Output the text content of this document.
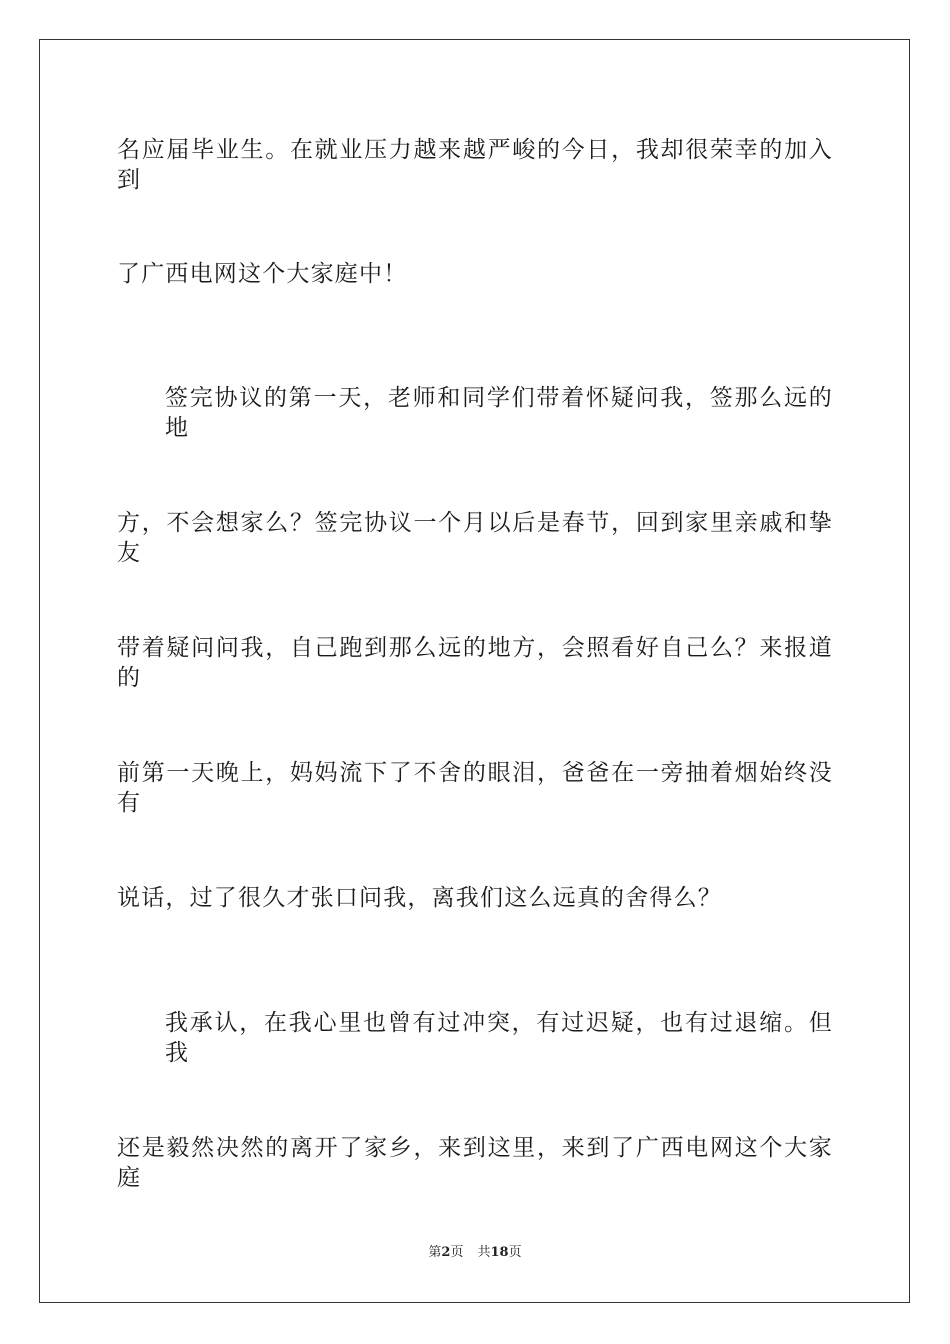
名应届毕业生。在就业压力越来越严峻的今日，我却很荣幸的加入到
了广西电网这个大家庭中！
签完协议的第一天，老师和同学们带着怀疑问我，签那么远的地
方，不会想家么？签完协议一个月以后是春节，回到家里亲戚和挚友
带着疑问问我，自己跑到那么远的地方，会照看好自己么？来报道的
前第一天晚上，妈妈流下了不舍的眼泪，爸爸在一旁抽着烟始终没有
说话，过了很久才张口问我，离我们这么远真的舍得么？
我承认，在我心里也曾有过冲突，有过迟疑，也有过退缩。但我
还是毅然决然的离开了家乡，来到这里，来到了广西电网这个大家庭
第2页 共18页
